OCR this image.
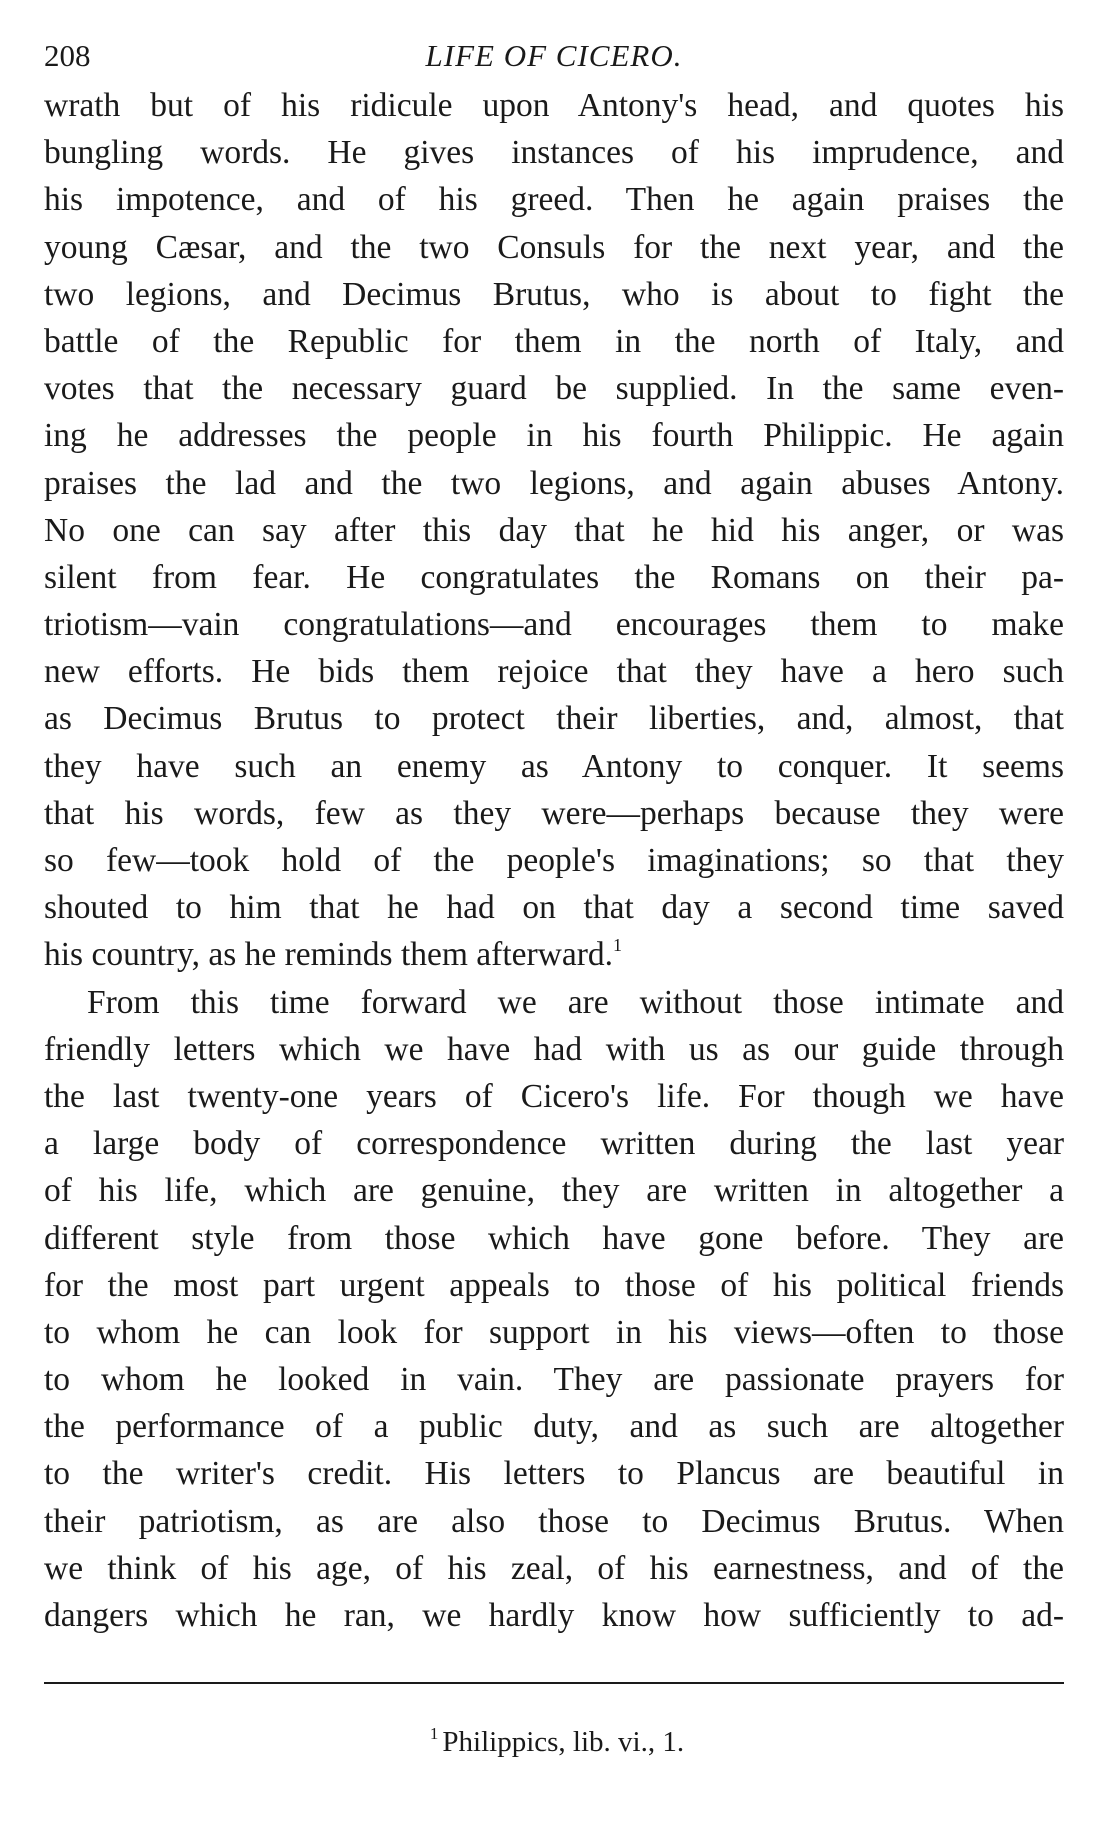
208	LIFE OF CICERO.
wrath but of his ridicule upon Antony's head, and quotes his
bungling words. He gives instances of his imprudence, and
his impotence, and of his greed. Then he again praises the
young Cæsar, and the two Consuls for the next year, and the
two legions, and Decimus Brutus, who is about to fight the
battle of the Republic for them in the north of Italy, and
votes that the necessary guard be supplied. In the same even-
ing he addresses the people in his fourth Philippic. He again
praises the lad and the two legions, and again abuses Antony.
No one can say after this day that he hid his anger, or was
silent from fear. He congratulates the Romans on their pa-
triotism—vain congratulations—and encourages them to make
new efforts. He bids them rejoice that they have a hero such
as Decimus Brutus to protect their liberties, and, almost, that
they have such an enemy as Antony to conquer. It seems
that his words, few as they were—perhaps because they were
so few—took hold of the people's imaginations; so that they
shouted to him that he had on that day a second time saved
his country, as he reminds them afterward.$^1$
From this time forward we are without those intimate and
friendly letters which we have had with us as our guide through
the last twenty-one years of Cicero's life. For though we have
a large body of correspondence written during the last year
of his life, which are genuine, they are written in altogether a
different style from those which have gone before. They are
for the most part urgent appeals to those of his political friends
to whom he can look for support in his views—often to those
to whom he looked in vain. They are passionate prayers for
the performance of a public duty, and as such are altogether
to the writer's credit. His letters to Plancus are beautiful in
their patriotism, as are also those to Decimus Brutus. When
we think of his age, of his zeal, of his earnestness, and of the
dangers which he ran, we hardly know how sufficiently to ad-
$^1$ Philippics, lib. vi., 1.
